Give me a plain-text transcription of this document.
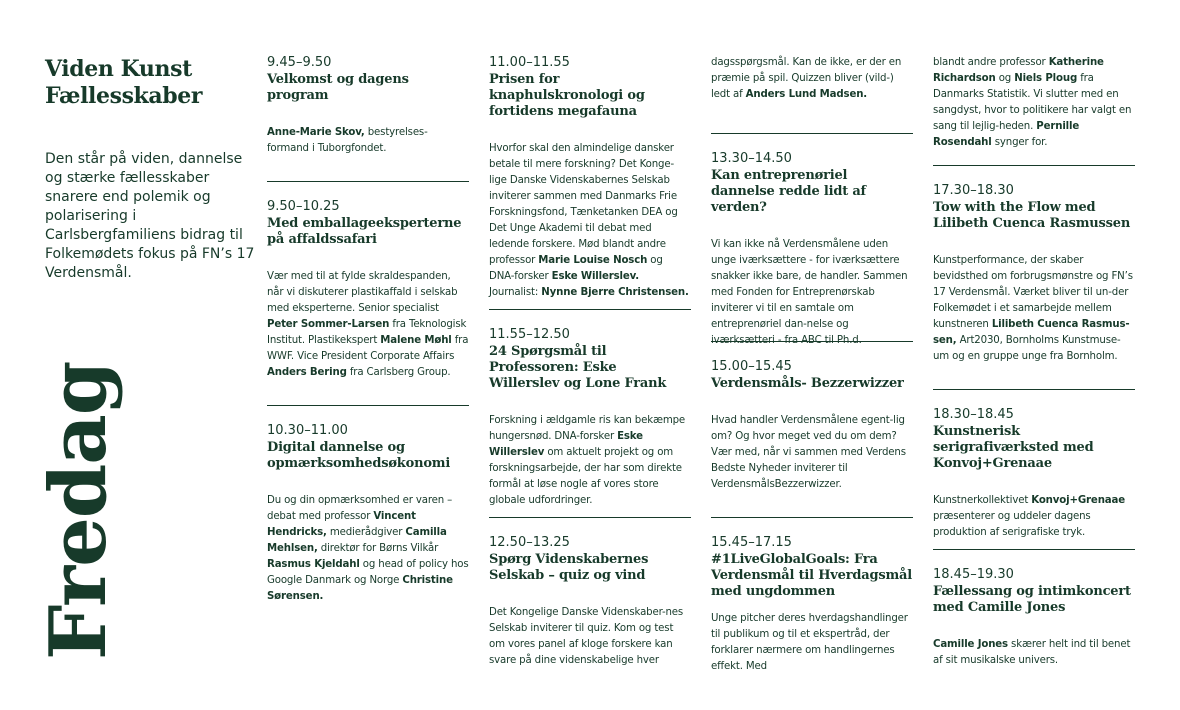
Viden Kunst
Fællesskaber
Den står på viden, dannelse og stærke fællesskaber snarere end polemik og polarisering i Carlsbergfamiliens bidrag til Folkemødets fokus på FN’s 17 Verdensmål.
Fredag
9.45–9.50
Velkomst og dagens program
Anne-Marie Skov, bestyrelses-formand i Tuborgfondet.
9.50–10.25
Med emballageeksperterne på affaldssafari
Vær med til at fylde skraldespanden, når vi diskuterer plastikaffald i selskab med eksperterne. Senior specialist Peter Sommer-Larsen fra Teknologisk Institut. Plastikekspert Malene Møhl fra WWF. Vice President Corporate Affairs Anders Bering fra Carlsberg Group.
10.30–11.00
Digital dannelse og opmærksomhedsøkonomi
Du og din opmærksomhed er varen – debat med professor Vincent Hendricks, medierådgiver Camilla Mehlsen, direktør for Børns Vilkår Rasmus Kjeldahl og head of policy hos Google Danmark og Norge Christine Sørensen.
11.00–11.55
Prisen for knaphulskronologi og fortidens megafauna
Hvorfor skal den almindelige dansker betale til mere forskning? Det Konge-lige Danske Videnskabernes Selskab inviterer sammen med Danmarks Frie Forskningsfond, Tænketanken DEA og Det Unge Akademi til debat med ledende forskere. Mød blandt andre professor Marie Louise Nosch og DNA-forsker Eske Willerslev. Journalist: Nynne Bjerre Christensen.
11.55–12.50
24 Spørgsmål til Professoren: Eske Willerslev og Lone Frank
Forskning i ældgamle ris kan bekæmpe hungersnød. DNA-forsker Eske Willerslev om aktuelt projekt og om forskningsarbejde, der har som direkte formål at løse nogle af vores store globale udfordringer.
12.50–13.25
Spørg Videnskabernes Selskab – quiz og vind
Det Kongelige Danske Videnskaber-nes Selskab inviterer til quiz. Kom og test om vores panel af kloge forskere kan svare på dine videnskabelige hver
dagsspørgsmål. Kan de ikke, er der en præmie på spil. Quizzen bliver (vild-) ledt af Anders Lund Madsen.
13.30–14.50
Kan entreprenøriel dannelse redde lidt af verden?
Vi kan ikke nå Verdensmålene uden unge iværksættere - for iværksættere snakker ikke bare, de handler. Sammen med Fonden for Entreprenørskab inviterer vi til en samtale om entreprenøriel dan-nelse og iværksætteri - fra ABC til Ph.d.
15.00–15.45
Verdensmåls- Bezzerwizzer
Hvad handler Verdensmålene egent-lig om? Og hvor meget ved du om dem? Vær med, når vi sammen med Verdens Bedste Nyheder inviterer til VerdensmålsBezzerwizzer.
15.45–17.15
#1LiveGlobalGoals: Fra Verdensmål til Hverdagsmål med ungdommen
Unge pitcher deres hverdagshandlinger til publikum og til et ekspertråd, der forklarer nærmere om handlingernes effekt. Med
blandt andre professor Katherine Richardson og Niels Ploug fra Danmarks Statistik. Vi slutter med en sangdyst, hvor to politikere har valgt en sang til lejlig-heden. Pernille Rosendahl synger for.
17.30–18.30
Tow with the Flow med Lilibeth Cuenca Rasmussen
Kunstperformance, der skaber bevidsthed om forbrugsmønstre og FN’s 17 Verdensmål. Værket bliver til un-der Folkemødet i et samarbejde mellem kunstneren Lilibeth Cuenca Rasmus-sen, Art2030, Bornholms Kunstmuse-um og en gruppe unge fra Bornholm.
18.30–18.45
Kunstnerisk serigrafiværksted med Konvoj+Grenaae
Kunstnerkollektivet Konvoj+Grenaae præsenterer og uddeler dagens produktion af serigrafiske tryk.
18.45–19.30
Fællessang og intimkoncert med Camille Jones
Camille Jones skærer helt ind til benet af sit musikalske univers.
